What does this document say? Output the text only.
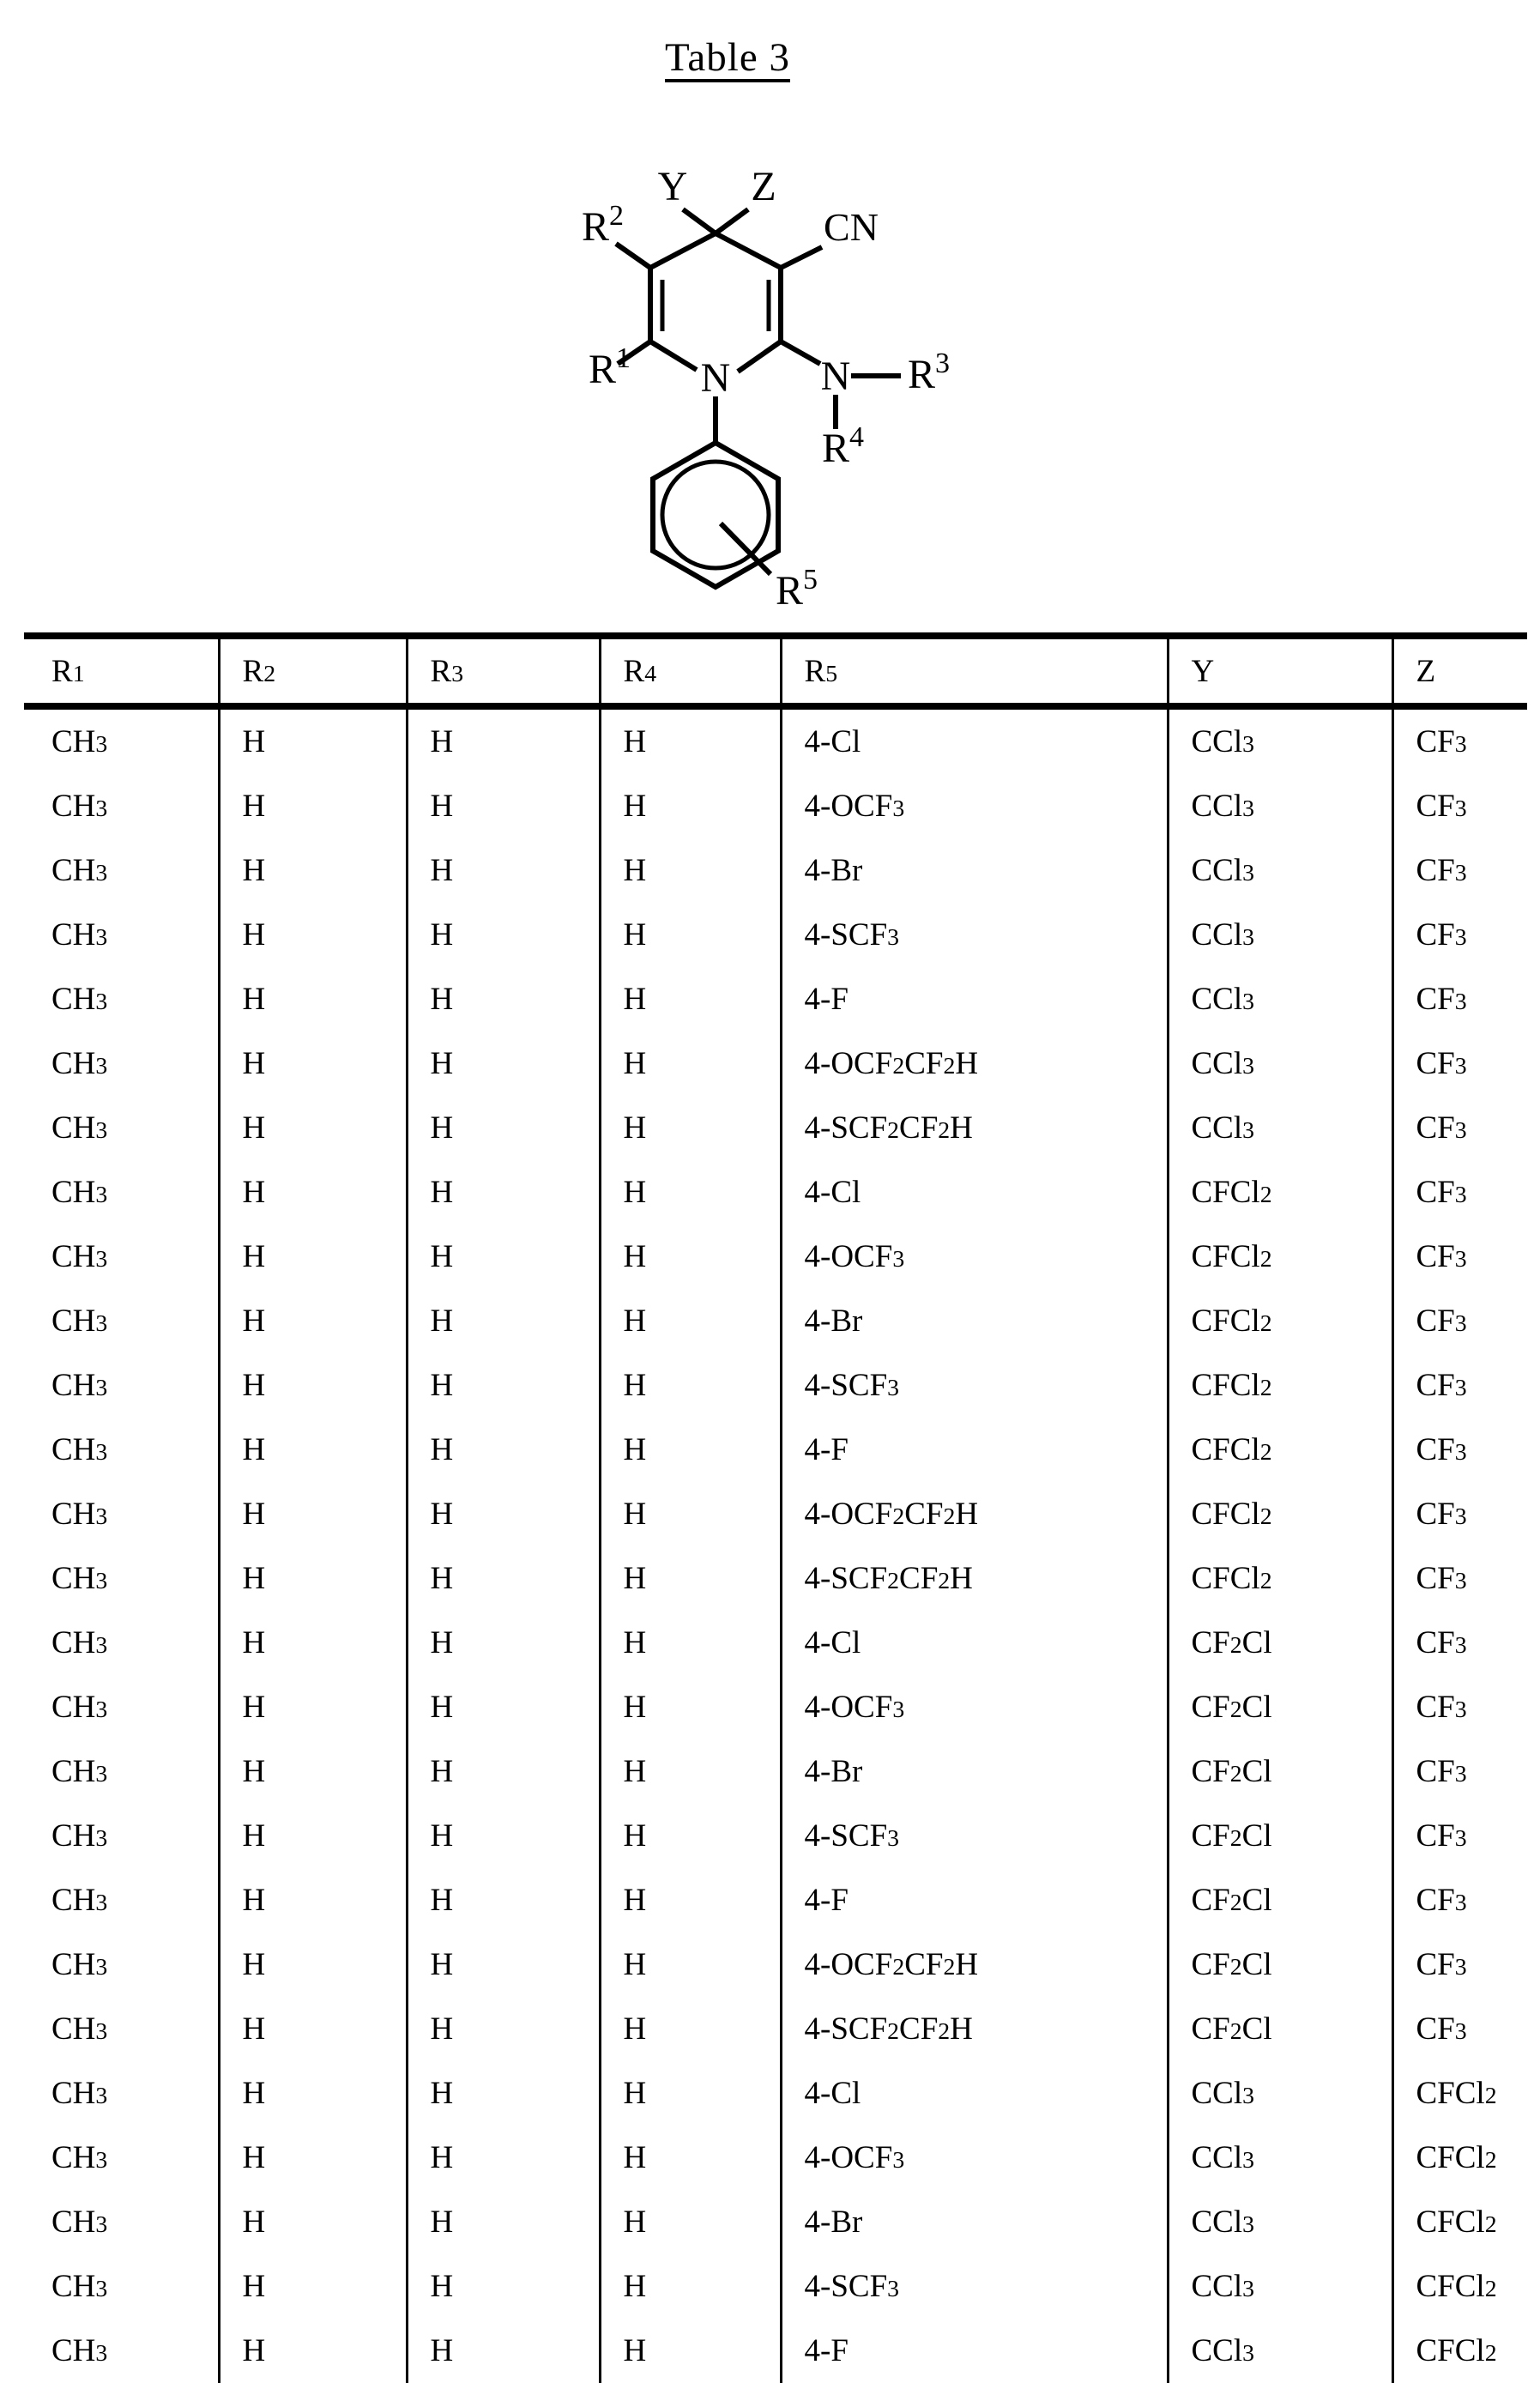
Table 3
Y Z
$R^2$	CN
$R^1$ N N $R^3$
$R^4$
$R^5$
$R^1$	$R^2$	$R^3$	$R^4$	$R^5$	Y	Z
$CH_3$	H	H	H	4-Cl	CCl$_3$	$CF_3$
$CH_3$	H	H	H	$4-OCF_3$	CCl$_3$	$CF_3$
$CH_3$	H	H	H	4-Br	CCl$_3$	$CF_3$
$CH_3$	H	H	H	$4-SCF_3$	CCl$_3$	$CF_3$
$CH_3$	H	H	H	4-F	CCl$_3$	$CF_3$
$CH_3$	H	H	H	$4-OCF_2CF_2H$	CCl$_3$	$CF_3$
$CH_3$	H	H	H	$4-SCF_2CF_2H$	CCl$_3$	$CF_3$
$CH_3$	H	H	H	4-Cl	CFCl$_2$	$CF_3$
$CH_3$	H	H	H	$4-OCF_3$	CFCl$_2$	$CF_3$
$CH_3$	H	H	H	4-Br	CFCl$_2$	$CF_3$
$CH_3$	H	H	H	$4-SCF_3$	CFCl$_2$	$CF_3$
$CH_3$	H	H	H	4-F	CFCl$_2$	$CF_3$
$CH_3$	H	H	H	$4-OCF_2CF_2H$	CFCl$_2$	$CF_3$
$CH_3$	H	H	H	$4-SCF_2CF_2H$	CFCl$_2$	$CF_3$
$CH_3$	H	H	H	4-Cl	$CF_2Cl$	$CF_3$
$CH_3$	H	H	H	$4-OCF_3$	$CF_2Cl$	$CF_3$
$CH_3$	H	H	H	4-Br	$CF_2Cl$	$CF_3$
$CH_3$	H	H	H	$4-SCF_3$	$CF_2Cl$	$CF_3$
$CH_3$	H	H	H	4-F	$CF_2Cl$	$CF_3$
$CH_3$	H	H	H	$4-OCF_2CF_2H$	$CF_2Cl$	$CF_3$
$CH_3$	H	H	H	$4-SCF_2CF_2H$	$CF_2Cl$	$CF_3$
$CH_3$	H	H	H	4-Cl	CCl$_3$	CFCl$_2$
$CH_3$	H	H	H	$4-OCF_3$	CCl$_3$	CFCl$_2$
$CH_3$	H	H	H	4-Br	CCl$_3$	CFCl$_2$
$CH_3$	H	H	H	$4-SCF_3$	CCl$_3$	CFCl$_2$
$CH_3$	H	H	H	4-F	CCl$_3$	CFCl$_2$
